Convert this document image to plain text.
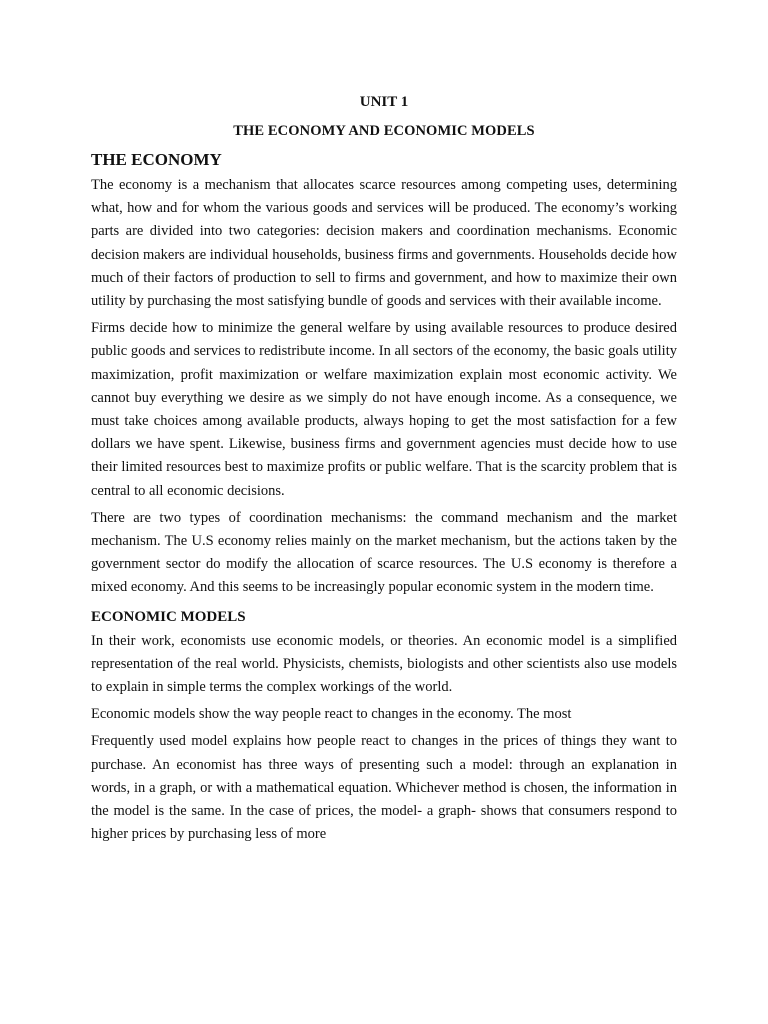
UNIT 1
THE ECONOMY AND ECONOMIC MODELS
THE ECONOMY

The economy is a mechanism that allocates scarce resources among competing uses, determining what, how and for whom the various goods and services will be produced. The economy’s working parts are divided into two categories: decision makers and coordination mechanisms. Economic decision makers are individual households, business firms and governments. Households decide how much of their factors of production to sell to firms and government, and how to maximize their own utility by purchasing the most satisfying bundle of goods and services with their available income.

Firms decide how to minimize the general welfare by using available resources to produce desired public goods and services to redistribute income. In all sectors of the economy, the basic goals utility maximization, profit maximization or welfare maximization explain most economic activity. We cannot buy everything we desire as we simply do not have enough income. As a consequence, we must take choices among available products, always hoping to get the most satisfaction for a few dollars we have spent. Likewise, business firms and government agencies must decide how to use their limited resources best to maximize profits or public welfare. That is the scarcity problem that is central to all economic decisions.

There are two types of coordination mechanisms: the command mechanism and the market mechanism. The U.S economy relies mainly on the market mechanism, but the actions taken by the government sector do modify the allocation of scarce resources. The U.S economy is therefore a mixed economy. And this seems to be increasingly popular economic system in the modern time.

ECONOMIC MODELS

In their work, economists use economic models, or theories. An economic model is a simplified representation of the real world. Physicists, chemists, biologists and other scientists also use models to explain in simple terms the complex workings of the world.

Economic models show the way people react to changes in the economy. The most

Frequently used model explains how people react to changes in the prices of things they want to purchase. An economist has three ways of presenting such a model: through an explanation in words, in a graph, or with a mathematical equation. Whichever method is chosen, the information in the model is the same. In the case of prices, the model- a graph- shows that consumers respond to higher prices by purchasing less of more
